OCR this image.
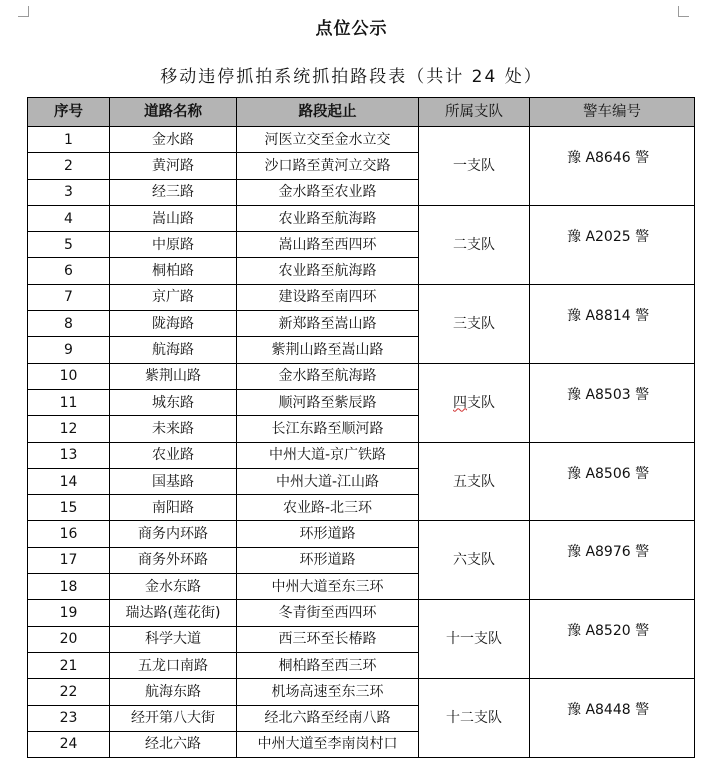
点位公示
移动违停抓拍系统抓拍路段表（共计 24 处）
序号	道路名称	路段起止	所属支队	警车编号
1	金水路	河医立交至金水立交	一支队	豫 A8646 警
2	黄河路	沙口路至黄河立交路		
3	经三路	金水路至农业路		
4	嵩山路	农业路至航海路	二支队	豫 A2025 警
5	中原路	嵩山路至西四环		
6	桐柏路	农业路至航海路		
7	京广路	建设路至南四环	三支队	豫 A8814 警
8	陇海路	新郑路至嵩山路		
9	航海路	紫荆山路至嵩山路		
10	紫荆山路	金水路至航海路	四支队	豫 A8503 警
11	城东路	顺河路至紫辰路		
12	未来路	长江东路至顺河路		
13	农业路	中州大道-京广铁路	五支队	豫 A8506 警
14	国基路	中州大道-江山路		
15	南阳路	农业路-北三环		
16	商务内环路	环形道路	六支队	豫 A8976 警
17	商务外环路	环形道路		
18	金水东路	中州大道至东三环		
19	瑞达路(莲花街)	冬青街至西四环	十一支队	豫 A8520 警
20	科学大道	西三环至长椿路		
21	五龙口南路	桐柏路至西三环		
22	航海东路	机场高速至东三环	十二支队	豫 A8448 警
23	经开第八大街	经北六路至经南八路		
24	经北六路	中州大道至李南岗村口		
